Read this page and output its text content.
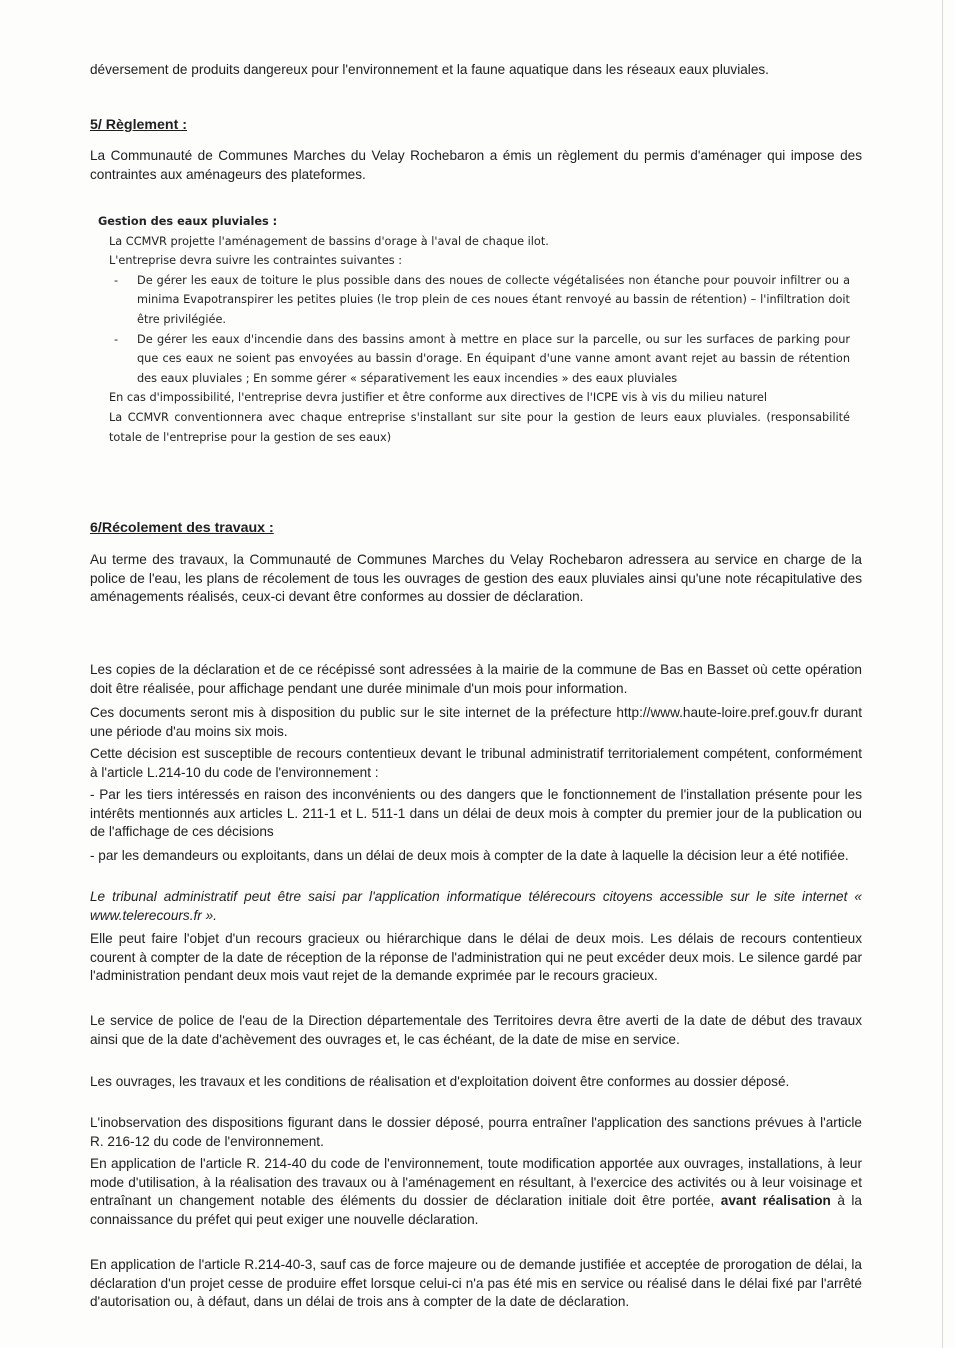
déversement de produits dangereux pour l'environnement et la faune aquatique dans les réseaux eaux pluviales.

5/ Règlement :

La Communauté de Communes Marches du Velay Rochebaron a émis un règlement du permis d'aménager qui impose des contraintes aux aménageurs des plateformes.

Gestion des eaux pluviales :

La CCMVR projette l'aménagement de bassins d'orage à l'aval de chaque ilot.

L'entreprise devra suivre les contraintes suivantes :

- De gérer les eaux de toiture le plus possible dans des noues de collecte végétalisées non étanche pour pouvoir infiltrer ou a minima Evapotranspirer les petites pluies (le trop plein de ces noues étant renvoyé au bassin de rétention) – l'infiltration doit être privilégiée.
- De gérer les eaux d'incendie dans des bassins amont à mettre en place sur la parcelle, ou sur les surfaces de parking pour que ces eaux ne soient pas envoyées au bassin d'orage. En équipant d'une vanne amont avant rejet au bassin de rétention des eaux pluviales ; En somme gérer « séparativement les eaux incendies » des eaux pluviales

En cas d'impossibilité, l'entreprise devra justifier et être conforme aux directives de l'ICPE vis à vis du milieu naturel

La CCMVR conventionnera avec chaque entreprise s'installant sur site pour la gestion de leurs eaux pluviales. (responsabilité totale de l'entreprise pour la gestion de ses eaux)

6/Récolement des travaux :

Au terme des travaux, la Communauté de Communes Marches du Velay Rochebaron adressera au service en charge de la police de l'eau, les plans de récolement de tous les ouvrages de gestion des eaux pluviales ainsi qu'une note récapitulative des aménagements réalisés, ceux-ci devant être conformes au dossier de déclaration.

Les copies de la déclaration et de ce récépissé sont adressées à la mairie de la commune de Bas en Basset où cette opération doit être réalisée, pour affichage pendant une durée minimale d'un mois pour information.

Ces documents seront mis à disposition du public sur le site internet de la préfecture http://www.haute-loire.pref.gouv.fr durant une période d'au moins six mois.

Cette décision est susceptible de recours contentieux devant le tribunal administratif territorialement compétent, conformément à l'article L.214-10 du code de l'environnement :

- Par les tiers intéressés en raison des inconvénients ou des dangers que le fonctionnement de l'installation présente pour les intérêts mentionnés aux articles L. 211-1 et L. 511-1 dans un délai de deux mois à compter du premier jour de la publication ou de l'affichage de ces décisions

- par les demandeurs ou exploitants, dans un délai de deux mois à compter de la date à laquelle la décision leur a été notifiée.

Le tribunal administratif peut être saisi par l'application informatique télérecours citoyens accessible sur le site internet « www.telerecours.fr ».

Elle peut faire l'objet d'un recours gracieux ou hiérarchique dans le délai de deux mois. Les délais de recours contentieux courent à compter de la date de réception de la réponse de l'administration qui ne peut excéder deux mois. Le silence gardé par l'administration pendant deux mois vaut rejet de la demande exprimée par le recours gracieux.

Le service de police de l'eau de la Direction départementale des Territoires devra être averti de la date de début des travaux ainsi que de la date d'achèvement des ouvrages et, le cas échéant, de la date de mise en service.

Les ouvrages, les travaux et les conditions de réalisation et d'exploitation doivent être conformes au dossier déposé.

L'inobservation des dispositions figurant dans le dossier déposé, pourra entraîner l'application des sanctions prévues à l'article R. 216-12 du code de l'environnement.

En application de l'article R. 214-40 du code de l'environnement, toute modification apportée aux ouvrages, installations, à leur mode d'utilisation, à la réalisation des travaux ou à l'aménagement en résultant, à l'exercice des activités ou à leur voisinage et entraînant un changement notable des éléments du dossier de déclaration initiale doit être portée, avant réalisation à la connaissance du préfet qui peut exiger une nouvelle déclaration.

En application de l'article R.214-40-3, sauf cas de force majeure ou de demande justifiée et acceptée de prorogation de délai, la déclaration d'un projet cesse de produire effet lorsque celui-ci n'a pas été mis en service ou réalisé dans le délai fixé par l'arrêté d'autorisation ou, à défaut, dans un délai de trois ans à compter de la date de déclaration.
